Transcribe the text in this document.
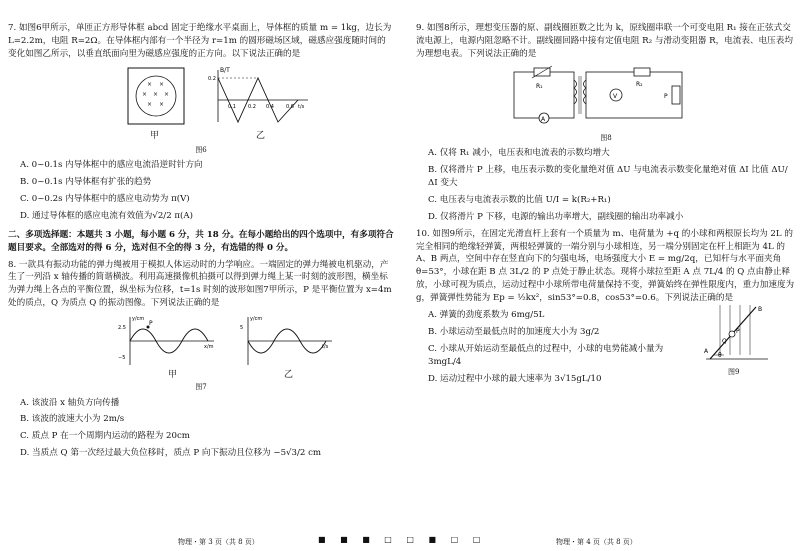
7. 如图6甲所示，单匝正方形导体框 abcd 固定于绝缘水平桌面上，导体框的质量 m = 1kg，边长为 L=2.2m，电阻 R=2Ω。在导体框内部有一个半径为 r=1m 的圆形磁场区域，磁感应强度随时间的变化如图乙所示，以垂直纸面向里为磁感应强度的正方向。以下说法正确的是

× ×
× × ×
× ×
B/T
0.2
0.1 0.2 0.4 0.6 t/s
甲	乙

图6

A. 0~0.1s 内导体框中的感应电流沿逆时针方向

B. 0~0.1s 内导体框有扩张的趋势

C. 0~0.2s 内导体框中的感应电动势为 π(V)

D. 通过导体框的感应电流有效值为√2/2 π(A)

二、多项选择题：本题共 3 小题，每小题 6 分，共 18 分。在每小题给出的四个选项中，有多项符合题目要求。全部选对的得 6 分，选对但不全的得 3 分，有选错的得 0 分。

8. 一款具有振动功能的弹力绳被用于模拟人体运动时的力学响应。一端固定的弹力绳被电机驱动，产生了一列沿 x 轴传播的简谐横波。利用高速摄像机拍摄可以得到弹力绳上某一时刻的波形图，横坐标为弹力绳上各点的平衡位置，纵坐标为位移，t=1s 时刻的波形如图7甲所示，P 是平衡位置为 x=4m 处的质点，Q 为质点 Q 的振动图像。下列说法正确的是

P
y/cm
2.5
−5
x/m
y/cm
5
t/s
甲	乙

图7

A. 该波沿 x 轴负方向传播

B. 该波的波速大小为 2m/s

C. 质点 P 在一个周期内运动的路程为 20cm

D. 当质点 Q 第一次经过最大负位移时，质点 P 向下振动且位移为 −5√3/2 cm

9. 如图8所示，理想变压器的原、副线圈匝数之比为 k，原线圈串联一个可变电阻 R₁ 接在正弦式交流电源上，电源内阻忽略不计。副线圈回路中接有定值电阻 R₂ 与滑动变阻器 R，电流表、电压表均为理想电表。下列说法正确的是

R₁
A
V
R₂
P

图8

A. 仅将 R₁ 减小，电压表和电流表的示数均增大

B. 仅将滑片 P 上移，电压表示数的变化量绝对值 ΔU 与电流表示数变化量绝对值 ΔI 比值 ΔU/ΔI 变大

C. 电压表与电流表示数的比值 U/I = k(R₂+R₁)

D. 仅将滑片 P 下移，电源的输出功率增大，副线圈的输出功率减小

10. 如图9所示，在固定光滑直杆上套有一个质量为 m、电荷量为 +q 的小球和两根原长均为 2L 的完全相同的绝缘轻弹簧，两根轻弹簧的一端分别与小球相连，另一端分别固定在杆上相距为 4L 的 A、B 两点，空间中存在竖直向下的匀强电场，电场强度大小 E = mg/2q，已知杆与水平面夹角 θ=53°，小球在距 B 点 3L/2 的 P 点处于静止状态。现将小球拉至距 A 点 7L/4 的 Q 点由静止释放，小球可视为质点，运动过程中小球所带电荷量保持不变，弹簧始终在弹性限度内，重力加速度为 g，弹簧弹性势能为 Ep = ½kx²，sin53°=0.8，cos53°=0.6。下列说法正确的是

A. 弹簧的劲度系数为 6mg/5L

B. 小球运动至最低点时的加速度大小为 3g/2

C. 小球从开始运动至最低点的过程中，小球的电势能减小量为 3mgL/4

D. 运动过程中小球的最大速率为 3√15gL/10

A
B
P
Q
θ
图9
物理・第 3 页（共 8 页）	■ ■ ■ □ □ ■ □ □	物理・第 4 页（共 8 页）
